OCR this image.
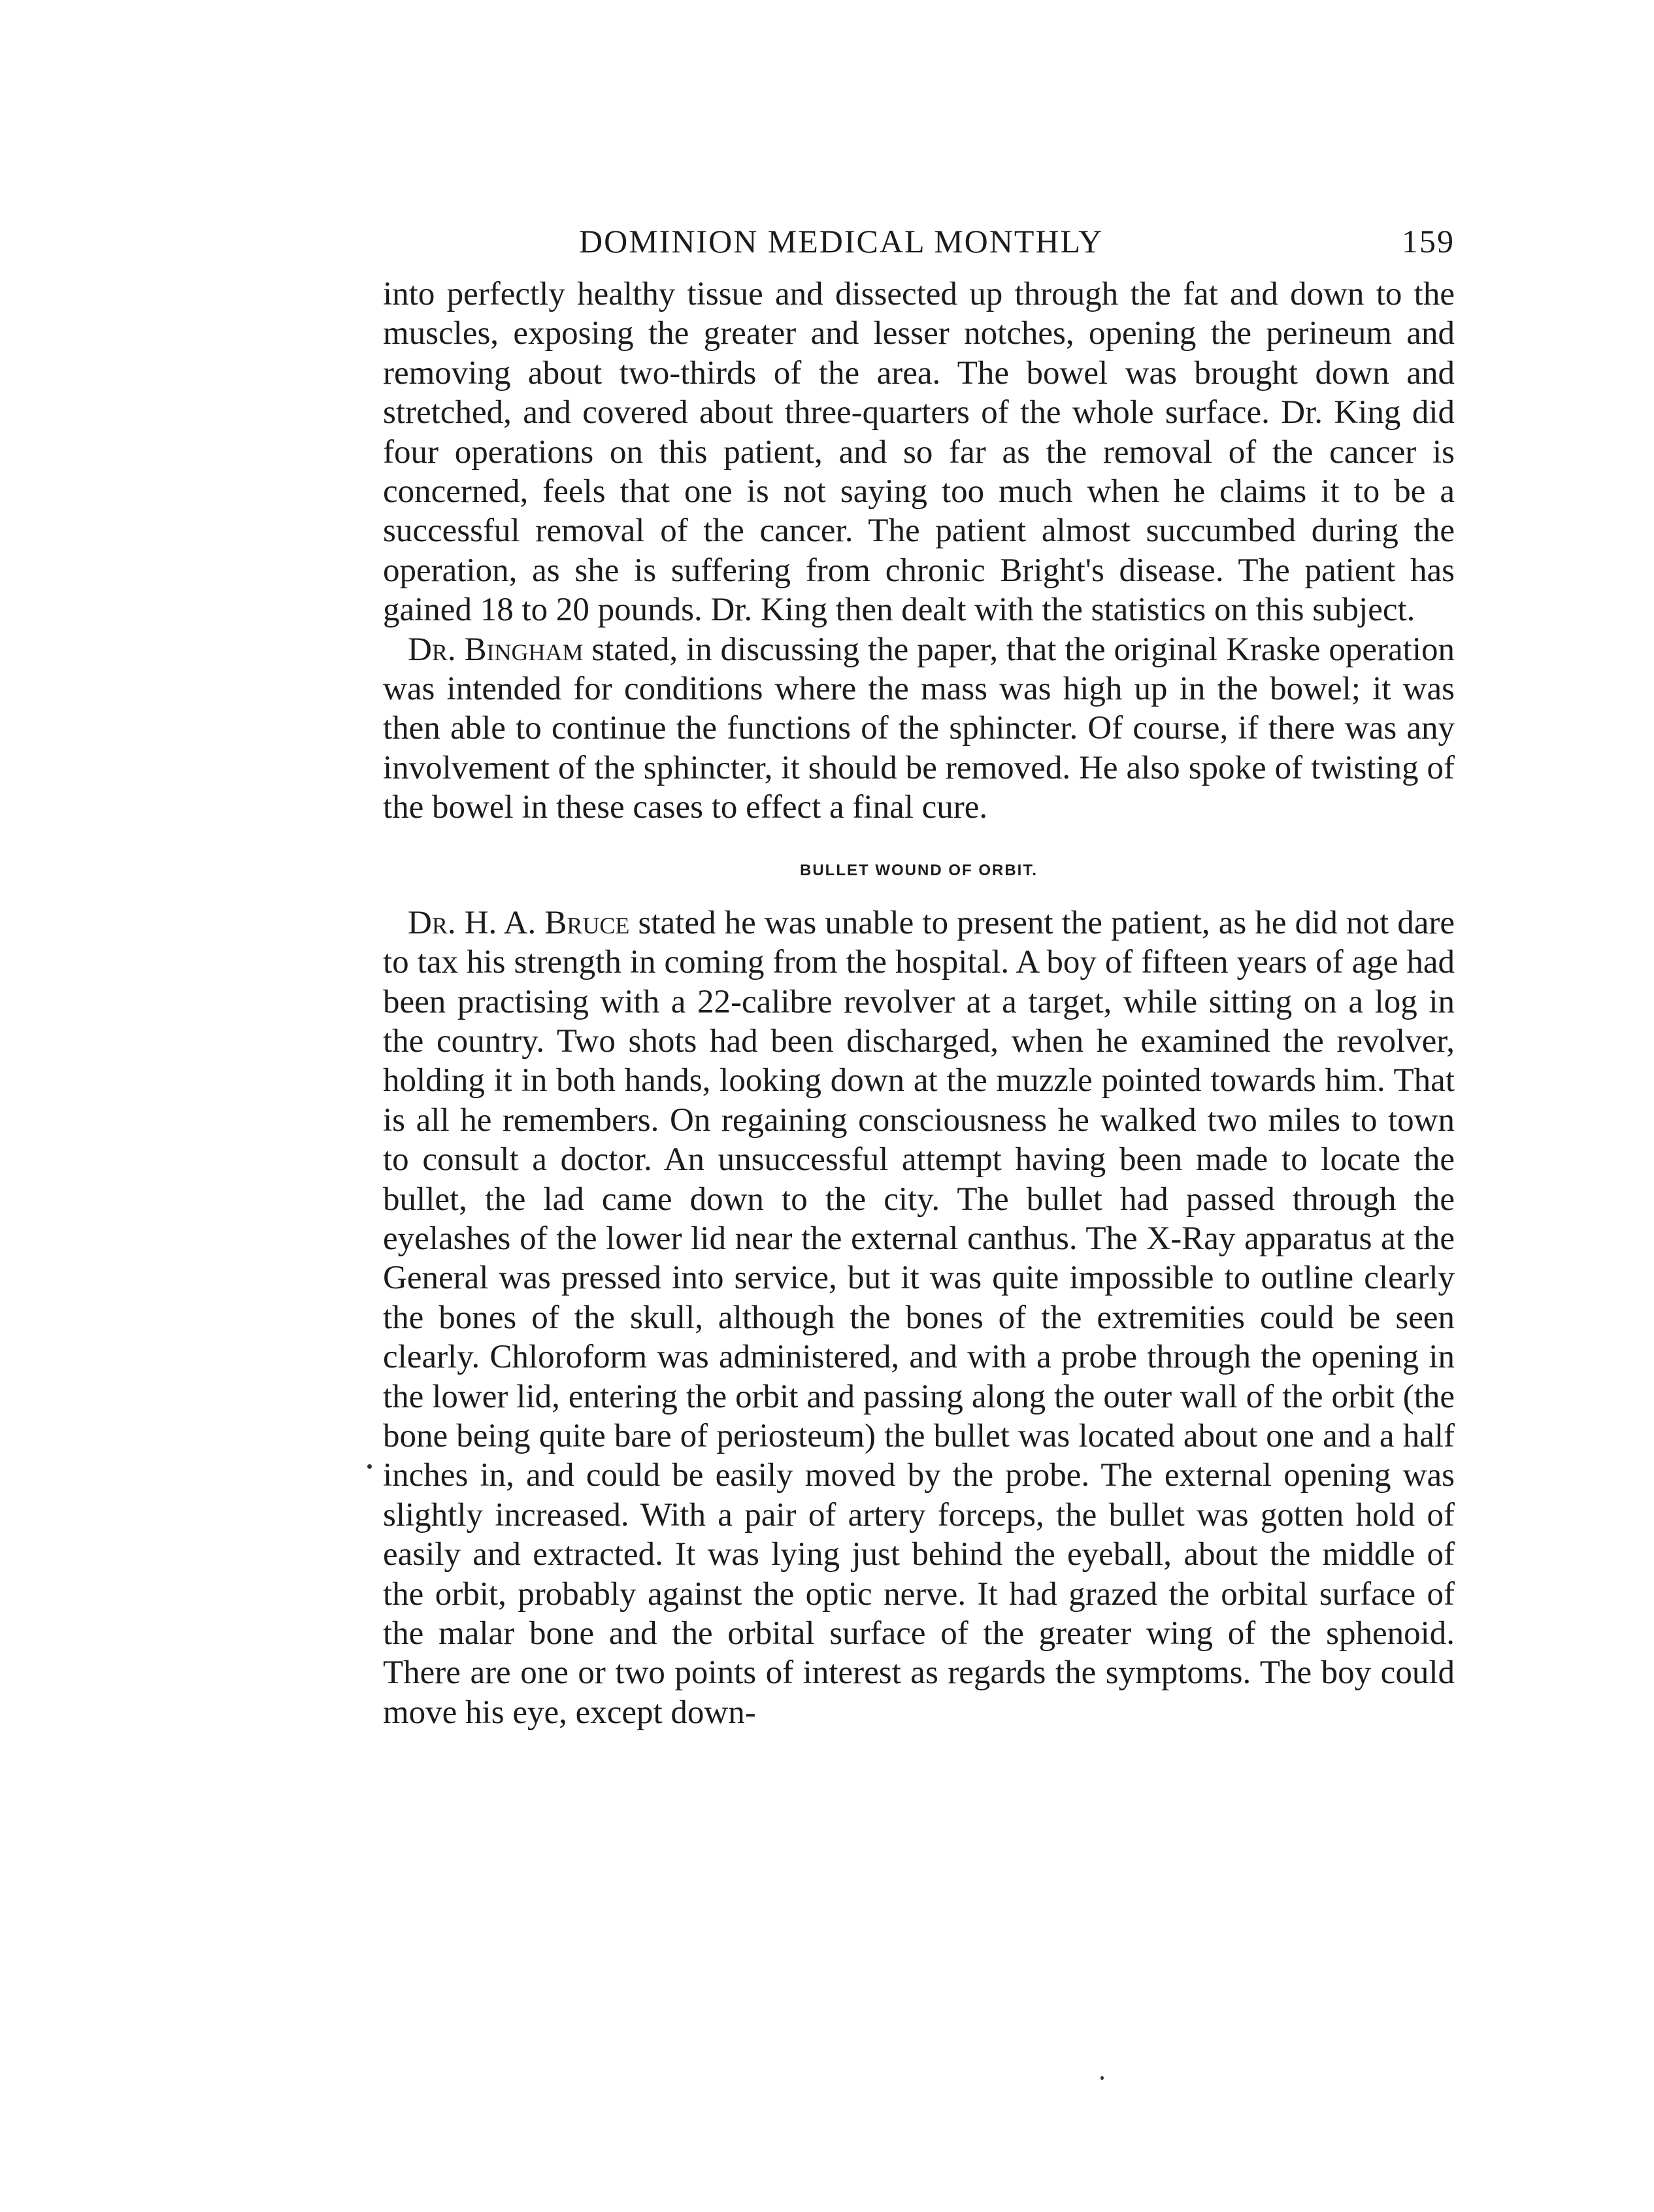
DOMINION MEDICAL MONTHLY	159

into perfectly healthy tissue and dissected up through the fat and down to the muscles, exposing the greater and lesser notches, opening the perineum and removing about two-thirds of the area. The bowel was brought down and stretched, and covered about three-quarters of the whole surface. Dr. King did four operations on this patient, and so far as the removal of the cancer is concerned, feels that one is not saying too much when he claims it to be a successful removal of the cancer. The patient almost succumbed during the operation, as she is suffering from chronic Bright's disease. The patient has gained 18 to 20 pounds. Dr. King then dealt with the statistics on this subject.

Dr. Bingham stated, in discussing the paper, that the original Kraske operation was intended for conditions where the mass was high up in the bowel; it was then able to continue the functions of the sphincter. Of course, if there was any involvement of the sphincter, it should be removed. He also spoke of twisting of the bowel in these cases to effect a final cure.

BULLET WOUND OF ORBIT.

Dr. H. A. Bruce stated he was unable to present the patient, as he did not dare to tax his strength in coming from the hospital. A boy of fifteen years of age had been practising with a 22-calibre revolver at a target, while sitting on a log in the country. Two shots had been discharged, when he examined the revolver, holding it in both hands, looking down at the muzzle pointed towards him. That is all he remembers. On regaining consciousness he walked two miles to town to consult a doctor. An unsuccessful attempt having been made to locate the bullet, the lad came down to the city. The bullet had passed through the eyelashes of the lower lid near the external canthus. The X-Ray apparatus at the General was pressed into service, but it was quite impossible to outline clearly the bones of the skull, although the bones of the extremities could be seen clearly. Chloroform was administered, and with a probe through the opening in the lower lid, entering the orbit and passing along the outer wall of the orbit (the bone being quite bare of periosteum) the bullet was located about one and a half inches in, and could be easily moved by the probe. The external opening was slightly increased. With a pair of artery forceps, the bullet was gotten hold of easily and extracted. It was lying just behind the eyeball, about the middle of the orbit, probably against the optic nerve. It had grazed the orbital surface of the malar bone and the orbital surface of the greater wing of the sphenoid. There are one or two points of interest as regards the symptoms. The boy could move his eye, except down-
